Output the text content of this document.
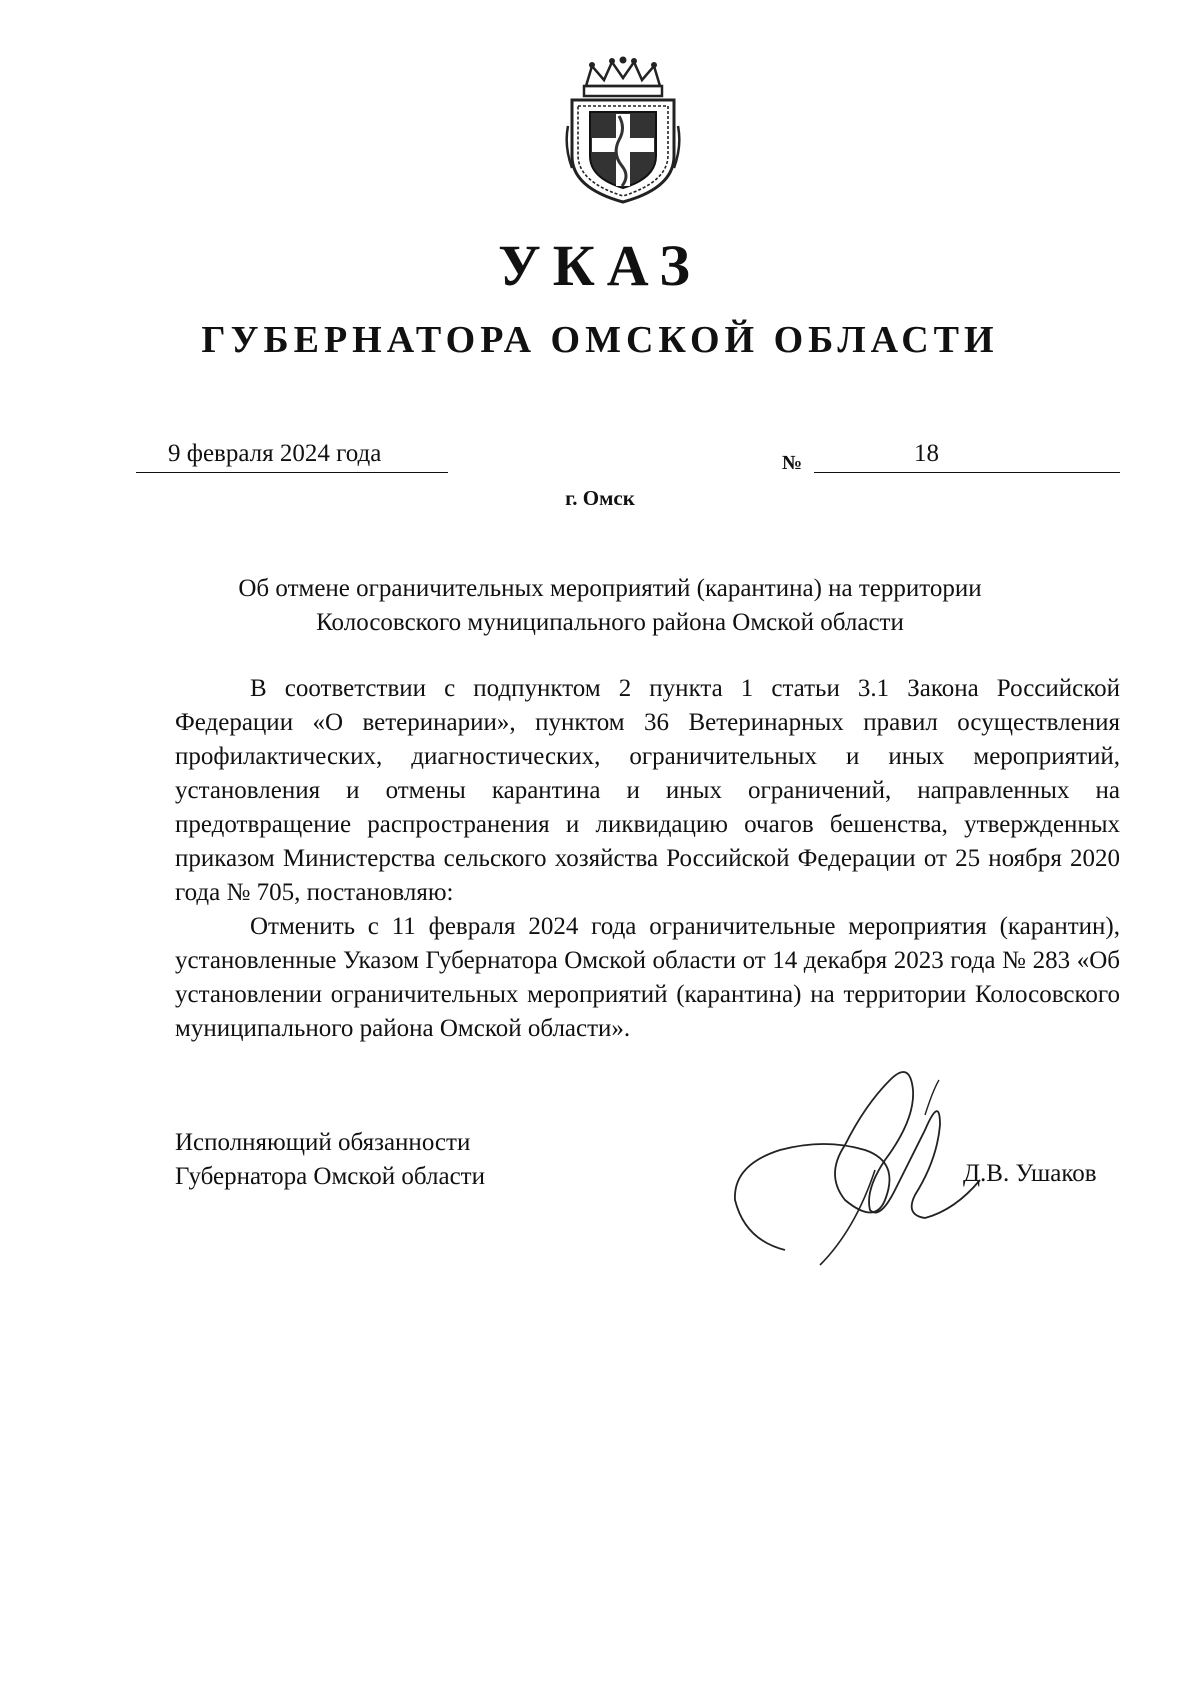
УКАЗ
ГУБЕРНАТОРА ОМСКОЙ ОБЛАСТИ
9 февраля 2024 года	№	18
г. Омск
Об отмене ограничительных мероприятий (карантина) на территории
Колосовского муниципального района Омской области

В соответствии с подпунктом 2 пункта 1 статьи 3.1 Закона Российской Федерации «О ветеринарии», пунктом 36 Ветеринарных правил осуществления профилактических, диагностических, ограничительных и иных мероприятий, установления и отмены карантина и иных ограничений, направленных на предотвращение распространения и ликвидацию очагов бешенства, утвержденных приказом Министерства сельского хозяйства Российской Федерации от 25 ноября 2020 года № 705, постановляю:

Отменить с 11 февраля 2024 года ограничительные мероприятия (карантин), установленные Указом Губернатора Омской области от 14 декабря 2023 года № 283 «Об установлении ограничительных мероприятий (карантина) на территории Колосовского муниципального района Омской области».

Исполняющий обязанности
Губернатора Омской области	Д.В. Ушаков
